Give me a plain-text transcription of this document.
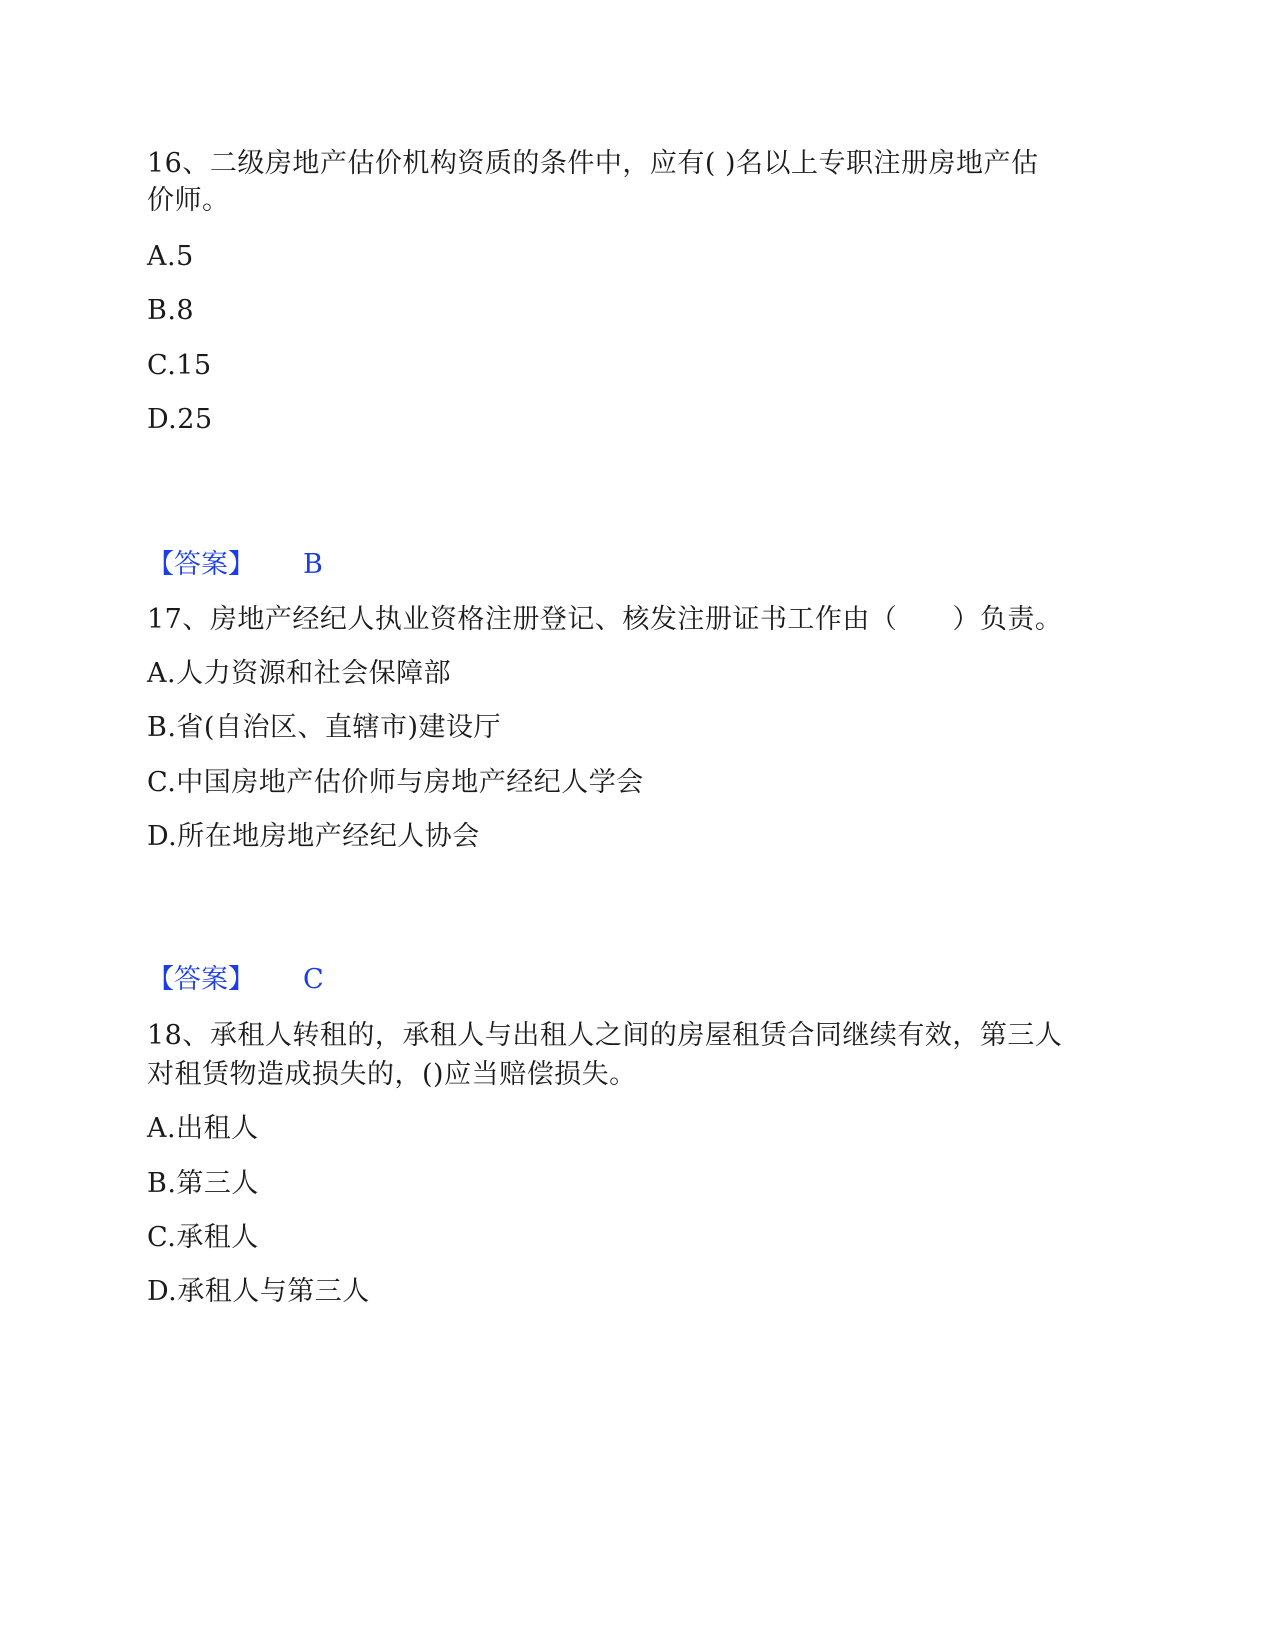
16、二级房地产估价机构资质的条件中，应有( )名以上专职注册房地产估
价师。
A.5
B.8
C.15
D.25
【答案】 B
17、房地产经纪人执业资格注册登记、核发注册证书工作由（　　）负责。
A.人力资源和社会保障部
B.省(自治区、直辖市)建设厅
C.中国房地产估价师与房地产经纪人学会
D.所在地房地产经纪人协会
【答案】 C
18、承租人转租的，承租人与出租人之间的房屋租赁合同继续有效，第三人
对租赁物造成损失的，()应当赔偿损失。
A.出租人
B.第三人
C.承租人
D.承租人与第三人
